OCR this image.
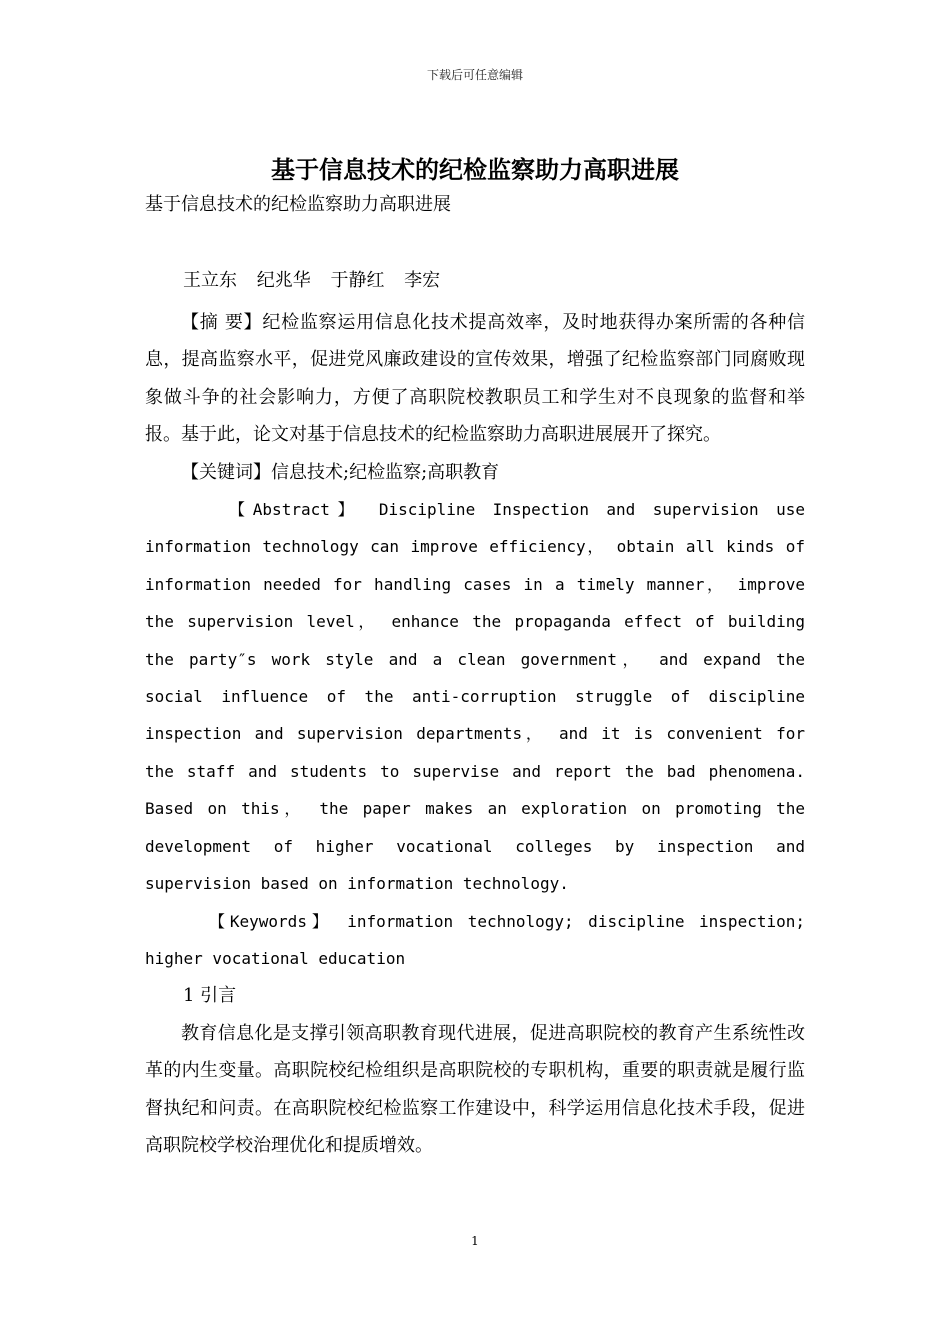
下载后可任意编辑
基于信息技术的纪检监察助力高职进展
基于信息技术的纪检监察助力高职进展
王立东 纪兆华 于静红 李宏

【摘 要】纪检监察运用信息化技术提高效率，及时地获得办案所需的各种信息，提高监察水平，促进党风廉政建设的宣传效果，增强了纪检监察部门同腐败现象做斗争的社会影响力，方便了高职院校教职员工和学生对不良现象的监督和举报。基于此，论文对基于信息技术的纪检监察助力高职进展展开了探究。

【关键词】信息技术;纪检监察;高职教育

【Abstract】 Discipline Inspection and supervision use information technology can improve efficiency， obtain all kinds of information needed for handling cases in a timely manner， improve the supervision level， enhance the propaganda effect of building the party″s work style and a clean government， and expand the social influence of the anti-corruption struggle of discipline inspection and supervision departments， and it is convenient for the staff and students to supervise and report the bad phenomena. Based on this， the paper makes an exploration on promoting the development of higher vocational colleges by inspection and supervision based on information technology.

【Keywords】 information technology; discipline inspection; higher vocational education

1 引言

教育信息化是支撑引领高职教育现代进展，促进高职院校的教育产生系统性改革的内生变量。高职院校纪检组织是高职院校的专职机构，重要的职责就是履行监督执纪和问责。在高职院校纪检监察工作建设中，科学运用信息化技术手段，促进高职院校学校治理优化和提质增效。

1
